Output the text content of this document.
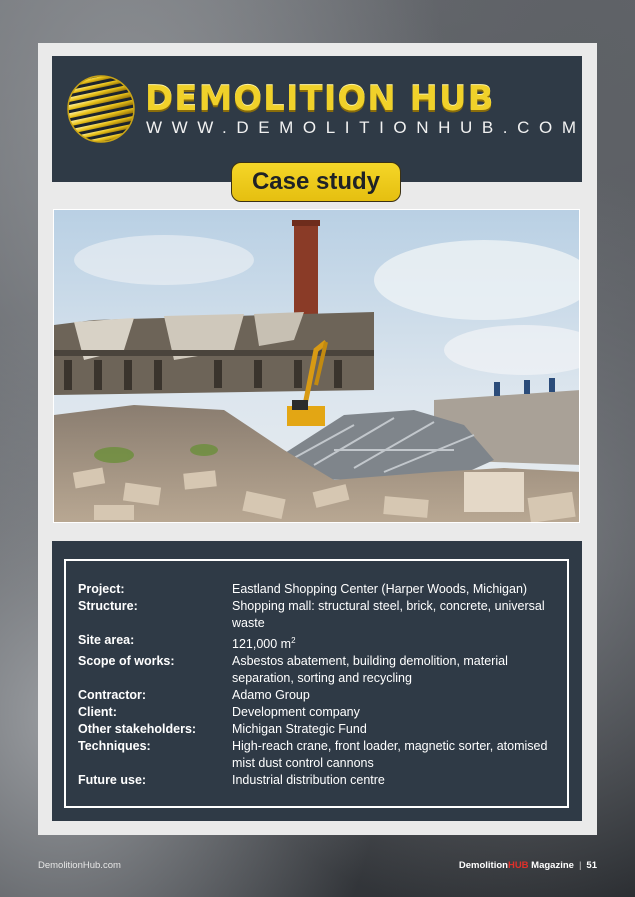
DEMOLITION HUB
WWW.DEMOLITIONHUB.COM
Case study
Project:	Eastland Shopping Center (Harper Woods, Michigan)
Structure:	Shopping mall: structural steel, brick, concrete, universal waste
Site area:	121,000 $m^2$
Scope of works:	Asbestos abatement, building demolition, material separation, sorting and recycling
Contractor:	Adamo Group
Client:	Development company
Other stakeholders:	Michigan Strategic Fund
Techniques:	High-reach crane, front loader, magnetic sorter, atomised mist dust control cannons
Future use:	Industrial distribution centre
DemolitionHub.com	DemolitionHUB Magazine | 51
